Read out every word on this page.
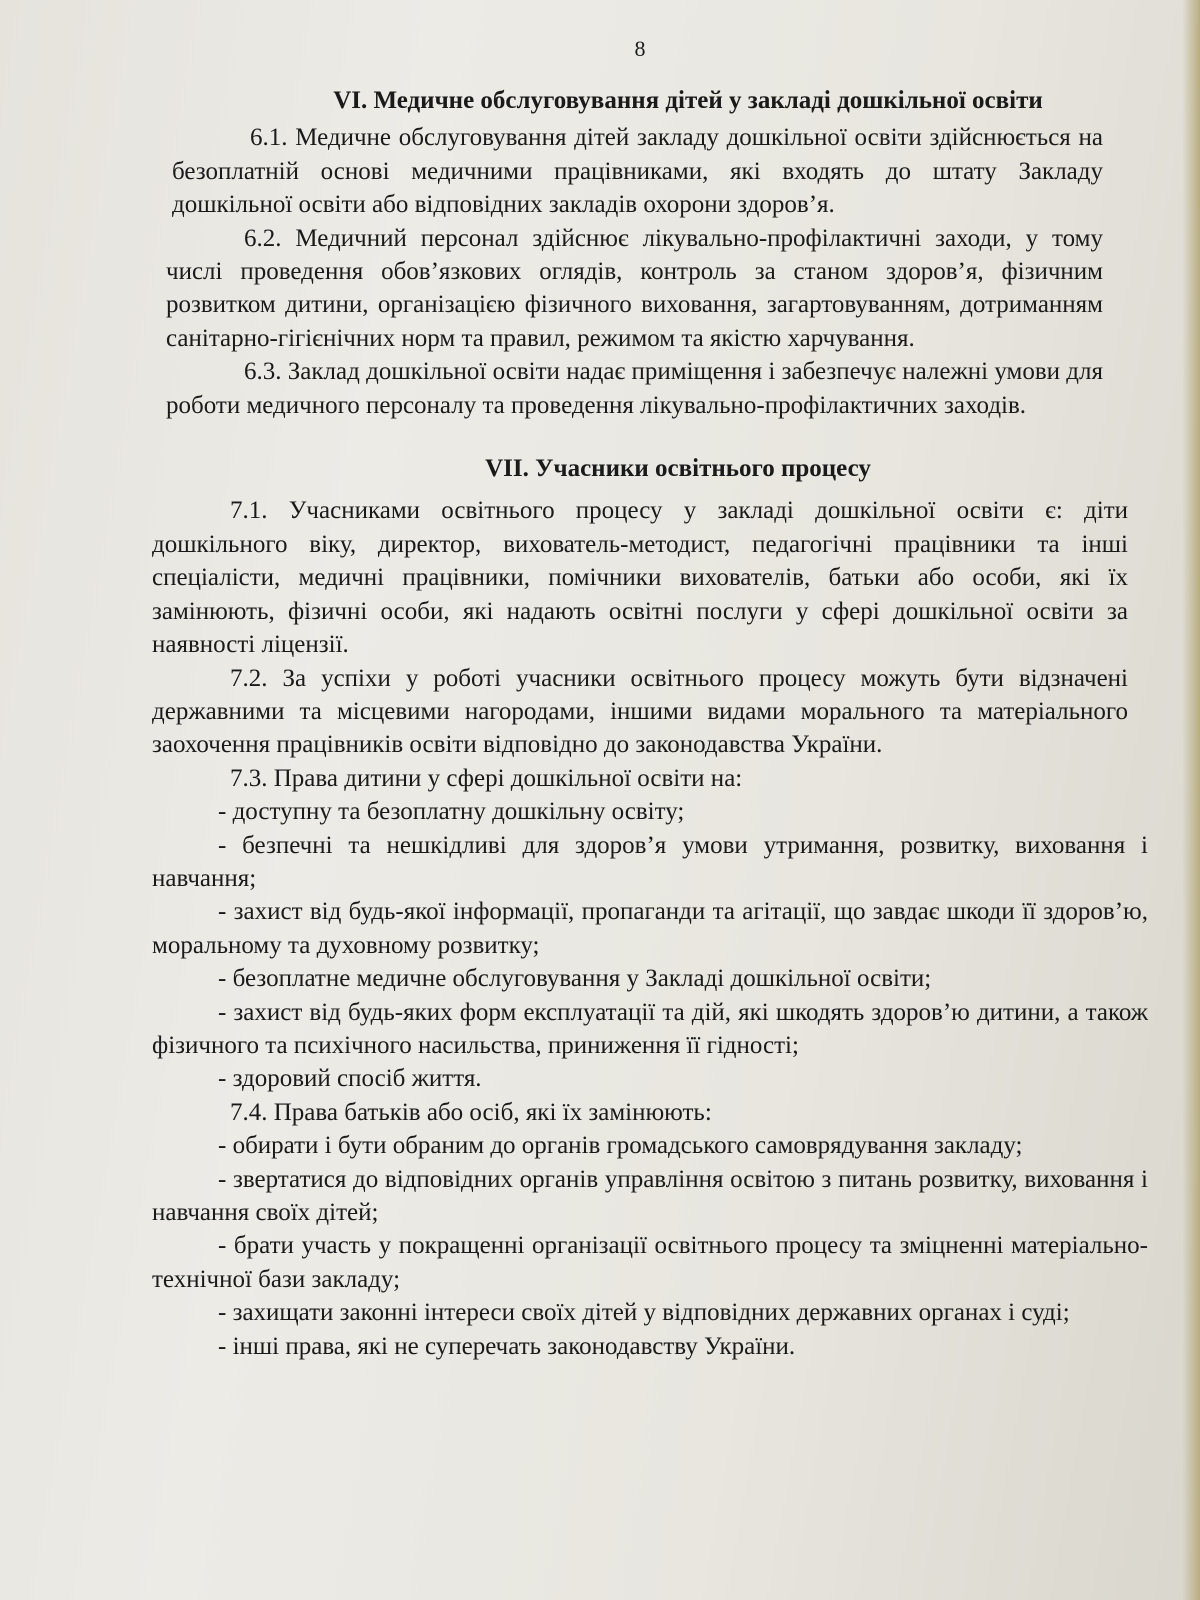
8
VI. Медичне обслуговування дітей у закладі дошкільної освіти

6.1. Медичне обслуговування дітей закладу дошкільної освіти здійснюється на безоплатній основі медичними працівниками, які входять до штату Закладу дошкільної освіти або відповідних закладів охорони здоров’я.

6.2. Медичний персонал здійснює лікувально-профілактичні заходи, у тому числі проведення обов’язкових оглядів, контроль за станом здоров’я, фізичним розвитком дитини, організацією фізичного виховання, загартовуванням, дотриманням санітарно-гігієнічних норм та правил, режимом та якістю харчування.

6.3. Заклад дошкільної освіти надає приміщення і забезпечує належні умови для роботи медичного персоналу та проведення лікувально-профілактичних заходів.

VII. Учасники освітнього процесу

7.1. Учасниками освітнього процесу у закладі дошкільної освіти є: діти дошкільного віку, директор, вихователь-методист, педагогічні працівники та інші спеціалісти, медичні працівники, помічники вихователів, батьки або особи, які їх замінюють, фізичні особи, які надають освітні послуги у сфері дошкільної освіти за наявності ліцензії.

7.2. За успіхи у роботі учасники освітнього процесу можуть бути відзначені державними та місцевими нагородами, іншими видами морального та матеріального заохочення працівників освіти відповідно до законодавства України.

7.3. Права дитини у сфері дошкільної освіти на:

- доступну та безоплатну дошкільну освіту;

- безпечні та нешкідливі для здоров’я умови утримання, розвитку, виховання і навчання;

- захист від будь-якої інформації, пропаганди та агітації, що завдає шкоди її здоров’ю, моральному та духовному розвитку;

- безоплатне медичне обслуговування у Закладі дошкільної освіти;

- захист від будь-яких форм експлуатації та дій, які шкодять здоров’ю дитини, а також фізичного та психічного насильства, приниження її гідності;

- здоровий спосіб життя.

7.4. Права батьків або осіб, які їх замінюють:

- обирати і бути обраним до органів громадського самоврядування закладу;

- звертатися до відповідних органів управління освітою з питань розвитку, виховання і навчання своїх дітей;

- брати участь у покращенні організації освітнього процесу та зміцненні матеріально-технічної бази закладу;

- захищати законні інтереси своїх дітей у відповідних державних органах і суді;

- інші права, які не суперечать законодавству України.
